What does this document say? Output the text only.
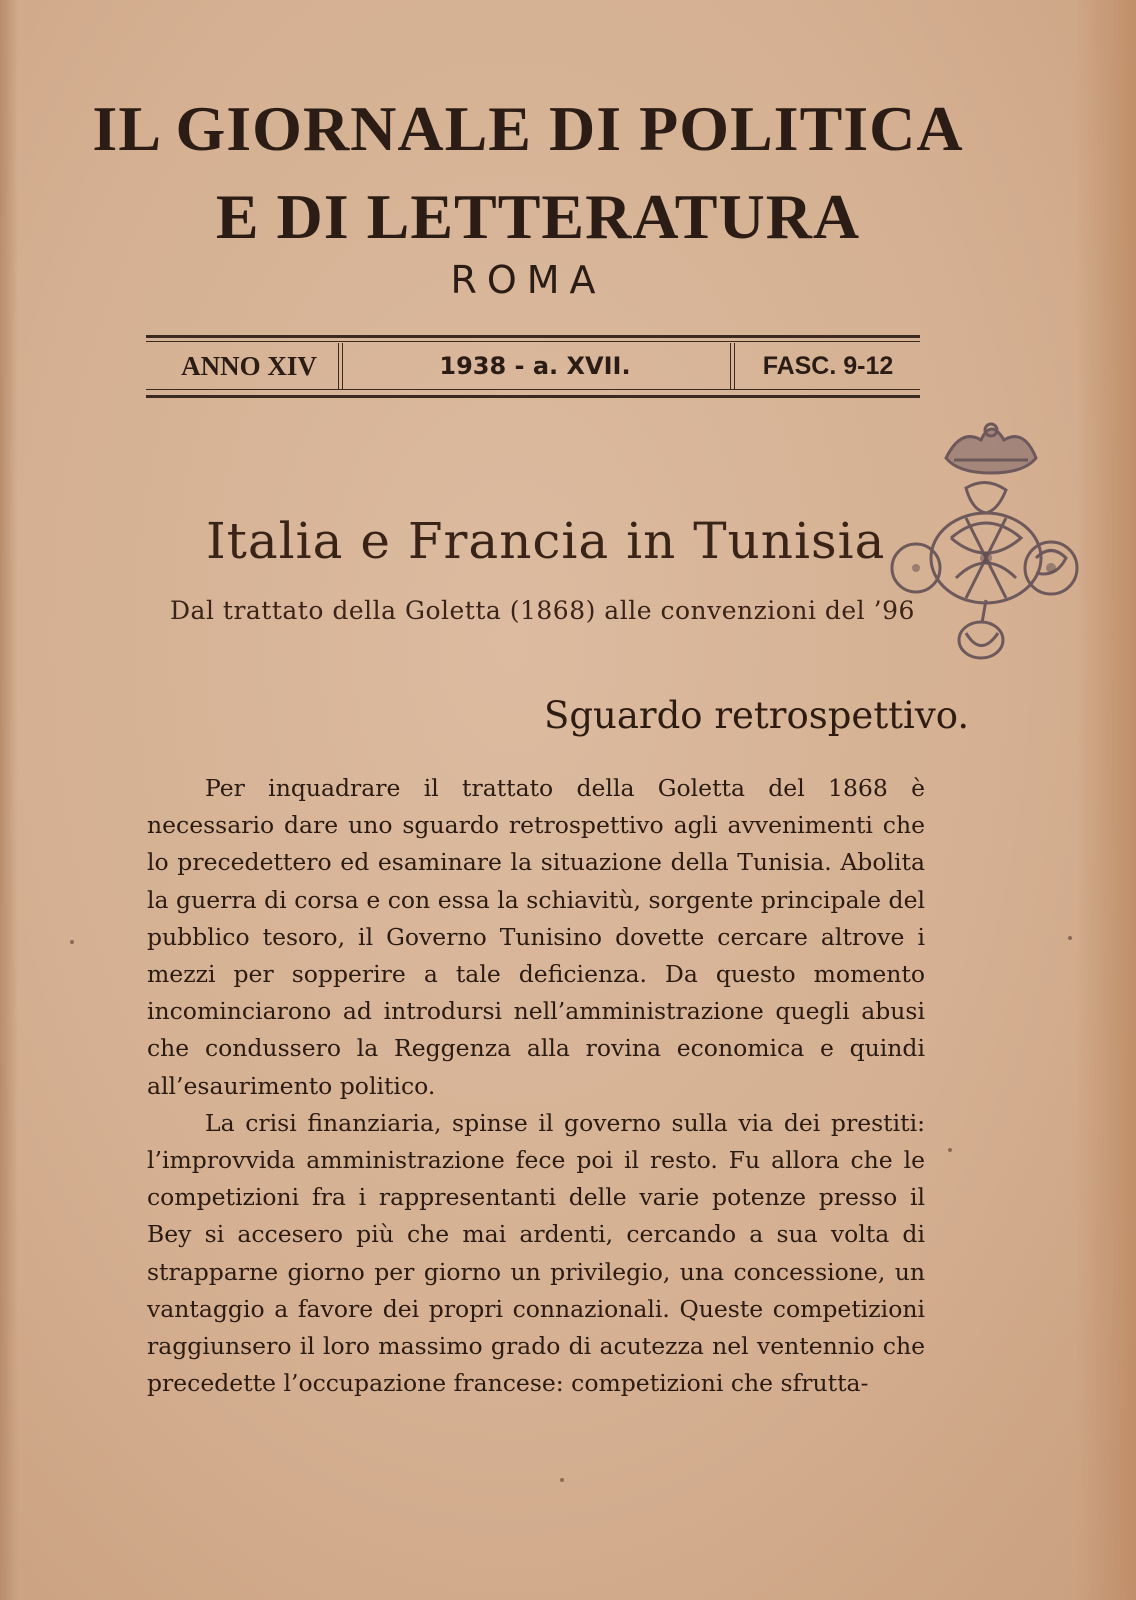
IL GIORNALE DI POLITICA
E DI LETTERATURA
ROMA
ANNO XIV	1938 - a. XVII.	FASC. 9-12
Italia e Francia in Tunisia
Dal trattato della Goletta (1868) alle convenzioni del ’96
Sguardo retrospettivo.

Per inquadrare il trattato della Goletta del 1868 è necessario dare uno sguardo retrospettivo agli avvenimenti che lo precedettero ed esaminare la situazione della Tunisia. Abolita la guerra di corsa e con essa la schiavitù, sorgente principale del pubblico tesoro, il Governo Tunisino dovette cercare altrove i mezzi per sopperire a tale deficienza. Da questo momento incominciarono ad introdursi nell’amministrazione quegli abusi che condussero la Reggenza alla rovina economica e quindi all’esaurimento politico.

La crisi finanziaria, spinse il governo sulla via dei prestiti: l’improvvida amministrazione fece poi il resto. Fu allora che le competizioni fra i rappresentanti delle varie potenze presso il Bey si accesero più che mai ardenti, cercando a sua volta di strapparne giorno per giorno un privilegio, una concessione, un vantaggio a favore dei propri connazionali. Queste competizioni raggiunsero il loro massimo grado di acutezza nel ventennio che precedette l’occupazione francese: competizioni che sfrutta-
